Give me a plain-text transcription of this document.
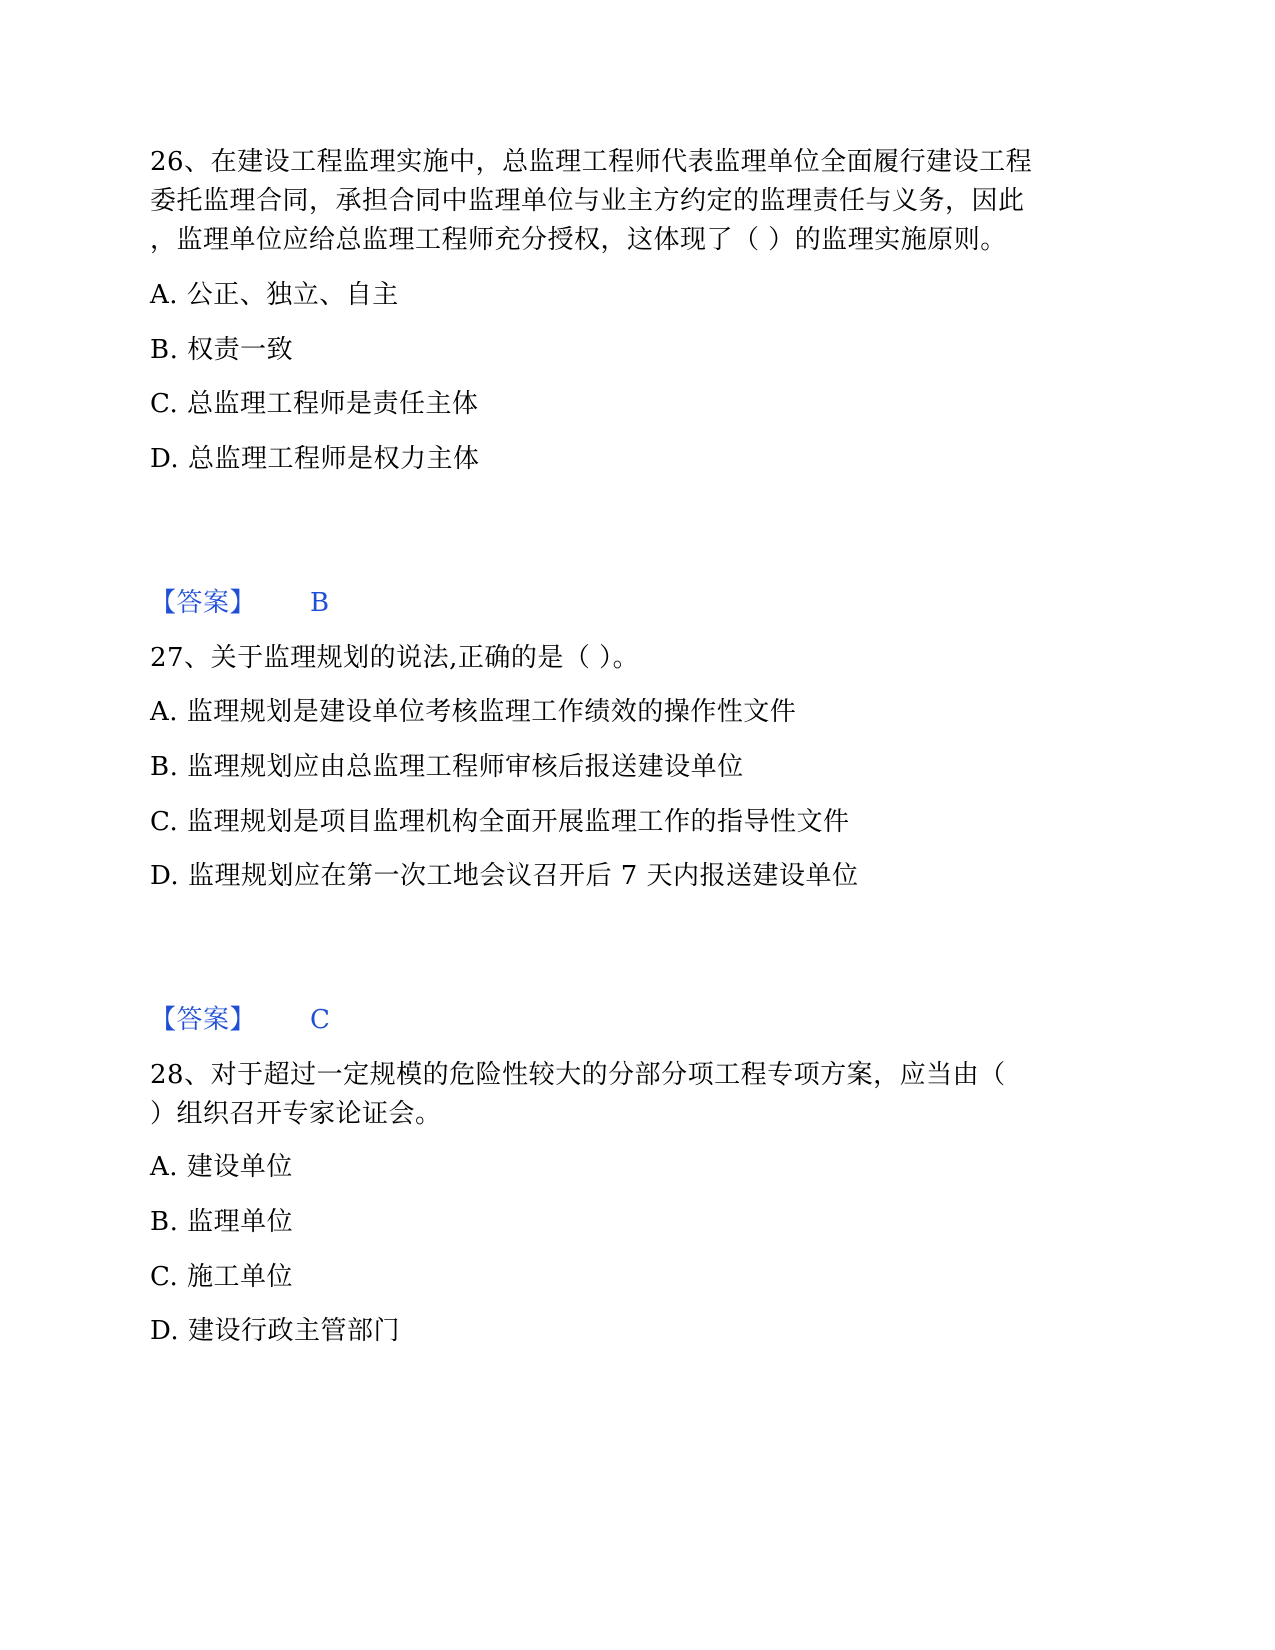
26、在建设工程监理实施中，总监理工程师代表监理单位全面履行建设工程
委托监理合同，承担合同中监理单位与业主方约定的监理责任与义务，因此
，监理单位应给总监理工程师充分授权，这体现了（ ）的监理实施原则。
A. 公正、独立、自主
B. 权责一致
C. 总监理工程师是责任主体
D. 总监理工程师是权力主体
【答案】 B
27、关于监理规划的说法,正确的是（ ）。
A. 监理规划是建设单位考核监理工作绩效的操作性文件
B. 监理规划应由总监理工程师审核后报送建设单位
C. 监理规划是项目监理机构全面开展监理工作的指导性文件
D. 监理规划应在第一次工地会议召开后 7 天内报送建设单位
【答案】 C
28、对于超过一定规模的危险性较大的分部分项工程专项方案，应当由（
）组织召开专家论证会。
A. 建设单位
B. 监理单位
C. 施工单位
D. 建设行政主管部门
